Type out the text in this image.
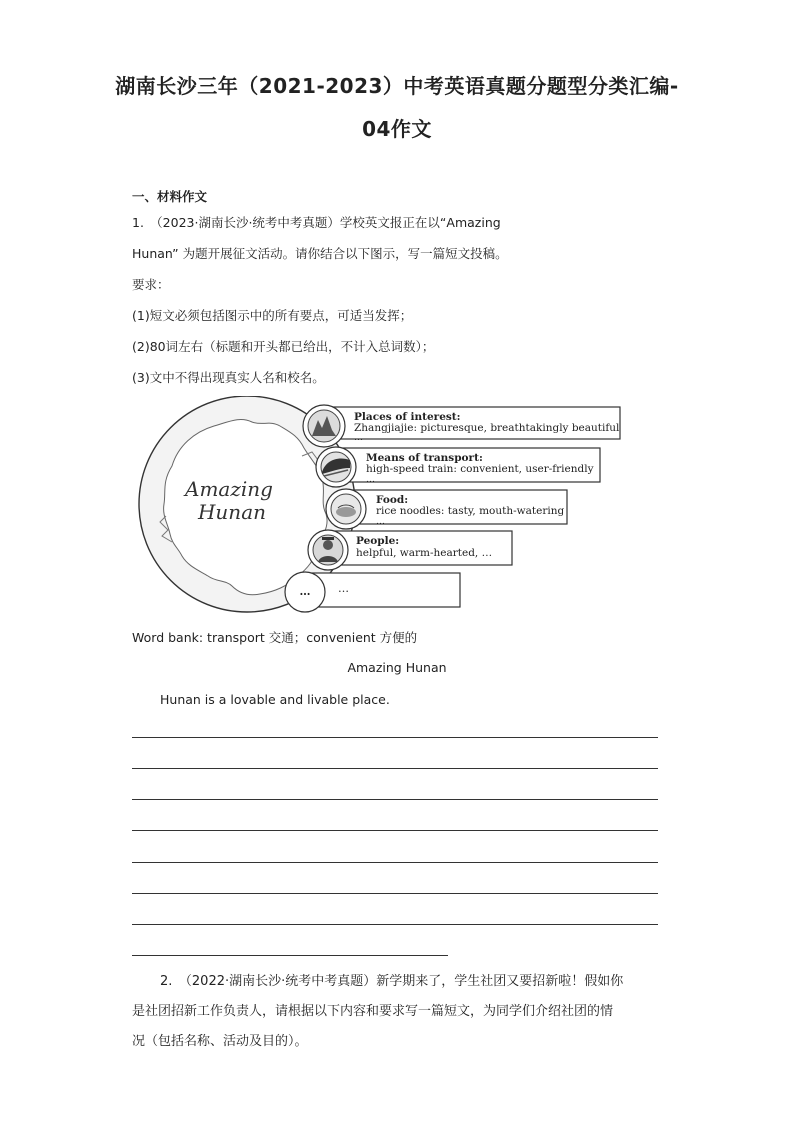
湖南长沙三年（2021-2023）中考英语真题分题型分类汇编-
04作文
一、材料作文
1.　（2023·湖南长沙·统考中考真题）学校英文报正在以“Amazing
Hunan” 为题开展征文活动。请你结合以下图示，写一篇短文投稿。
要求：
(1)短文必须包括图示中的所有要点，可适当发挥；
(2)80词左右（标题和开头都已给出，不计入总词数）；
(3)文中不得出现真实人名和校名。
Amazing
Hunan
Places of interest:
Zhangjiajie: picturesque, breathtakingly beautiful
…
Means of transport:
high-speed train: convenient, user-friendly
…
Food:
rice noodles: tasty, mouth-watering
…
People:
helpful, warm-hearted, …
…	…
Word bank: transport 交通；convenient 方便的
Amazing Hunan
Hunan is a lovable and livable place.
2.　（2022·湖南长沙·统考中考真题）新学期来了，学生社团又要招新啦！假如你
是社团招新工作负责人，请根据以下内容和要求写一篇短文，为同学们介绍社团的情
况（包括名称、活动及目的）。
